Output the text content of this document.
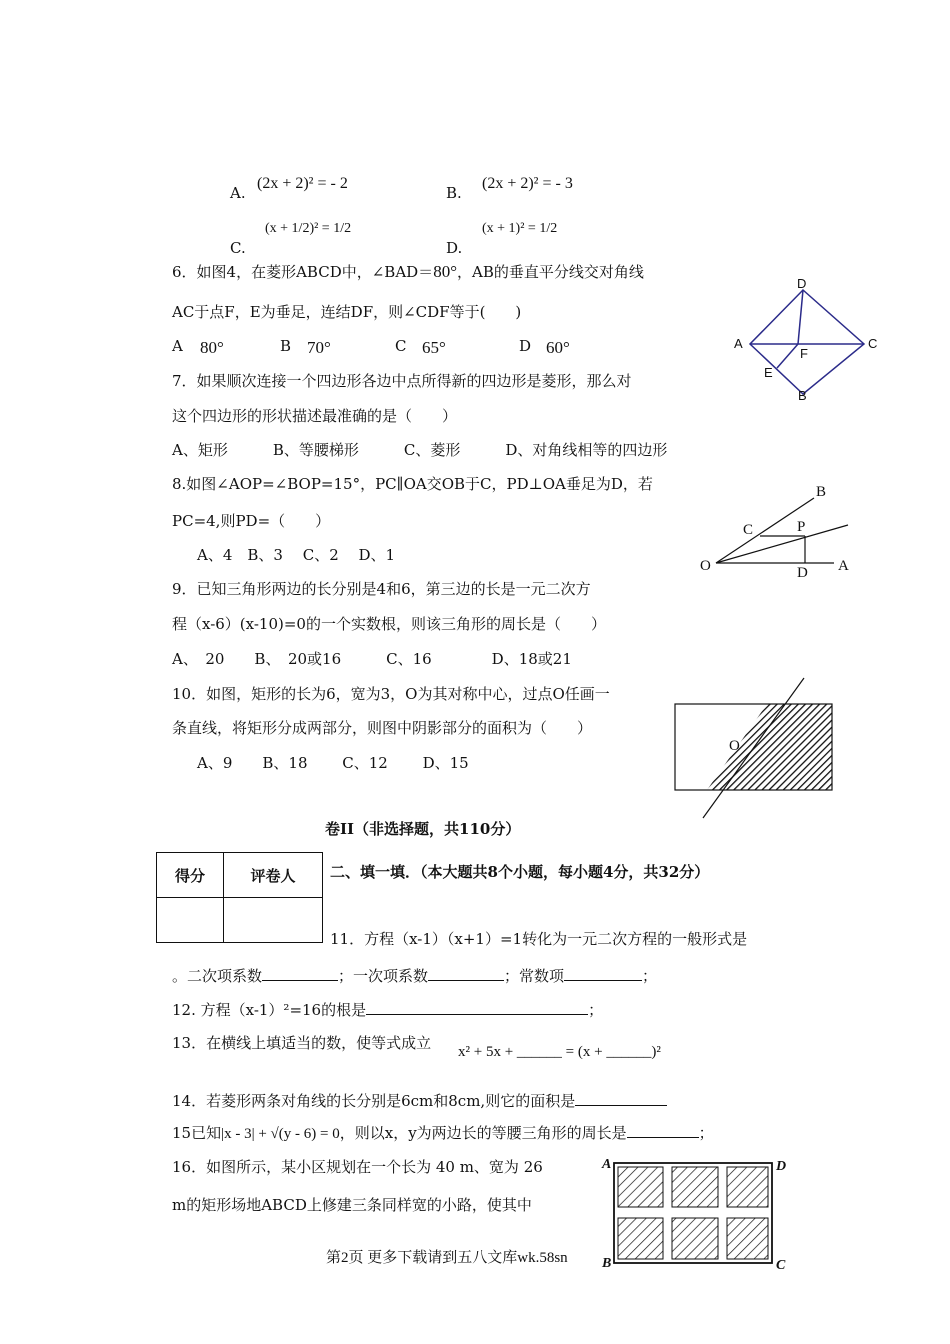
A.
(2x + 2)² = - 2
B.
(2x + 2)² = - 3
C.
(x + 1/2)² = 1/2
D.
(x + 1)² = 1/2
6．如图4，在菱形ABCD中，∠BAD＝80°，AB的垂直平分线交对角线
AC于点F，E为垂足，连结DF，则∠CDF等于(　　)
A 80°	B 70°	C 65°	D 60°
D
A	C
F
E
B
7．如果顺次连接一个四边形各边中点所得新的四边形是菱形，那么对
这个四边形的形状描述最准确的是（　　）
A、矩形　　　B、等腰梯形　　　C、菱形　　　D、对角线相等的四边形
8.如图∠AOP=∠BOP=15°，PC∥OA交OB于C，PD⊥OA垂足为D，若
PC=4,则PD=（　　）
A、4　B、3　 C、2　 D、1
B
C	P
O	D A
9．已知三角形两边的长分别是4和6，第三边的长是一元二次方
程（x-6）(x-10)=0的一个实数根，则该三角形的周长是（　　）
A、　20　　B、　20或16　　　C、16　　　　D、18或21
10．如图，矩形的长为6，宽为3，O为其对称中心，过点O任画一
条直线，将矩形分成两部分，则图中阴影部分的面积为（　　）
A、9　　B、18　　 C、12　　 D、15
O
卷II（非选择题，共110分）
得分	评卷人
	二、填一填．（本大题共8个小题，每小题4分，共32分）
11．方程（x-1）（x+1）=1转化为一元二次方程的一般形式是
。二次项系数	；一次项系数	；常数项	；
12. 方程（x-1）²=16的根是	；
13．在横线上填适当的数，使等式成立 x² + 5x + ______ = (x + ______)²
14．若菱形两条对角线的长分别是6cm和8cm,则它的面积是
15已知|x - 3| + √(y - 6) = 0，则以x，y为两边长的等腰三角形的周长是	；
16．如图所示，某小区规划在一个长为 40 m、宽为 26
m的矩形场地ABCD上修建三条同样宽的小路，使其中
A	D
B	C
第2页 更多下载请到五八文库wk.58sn
